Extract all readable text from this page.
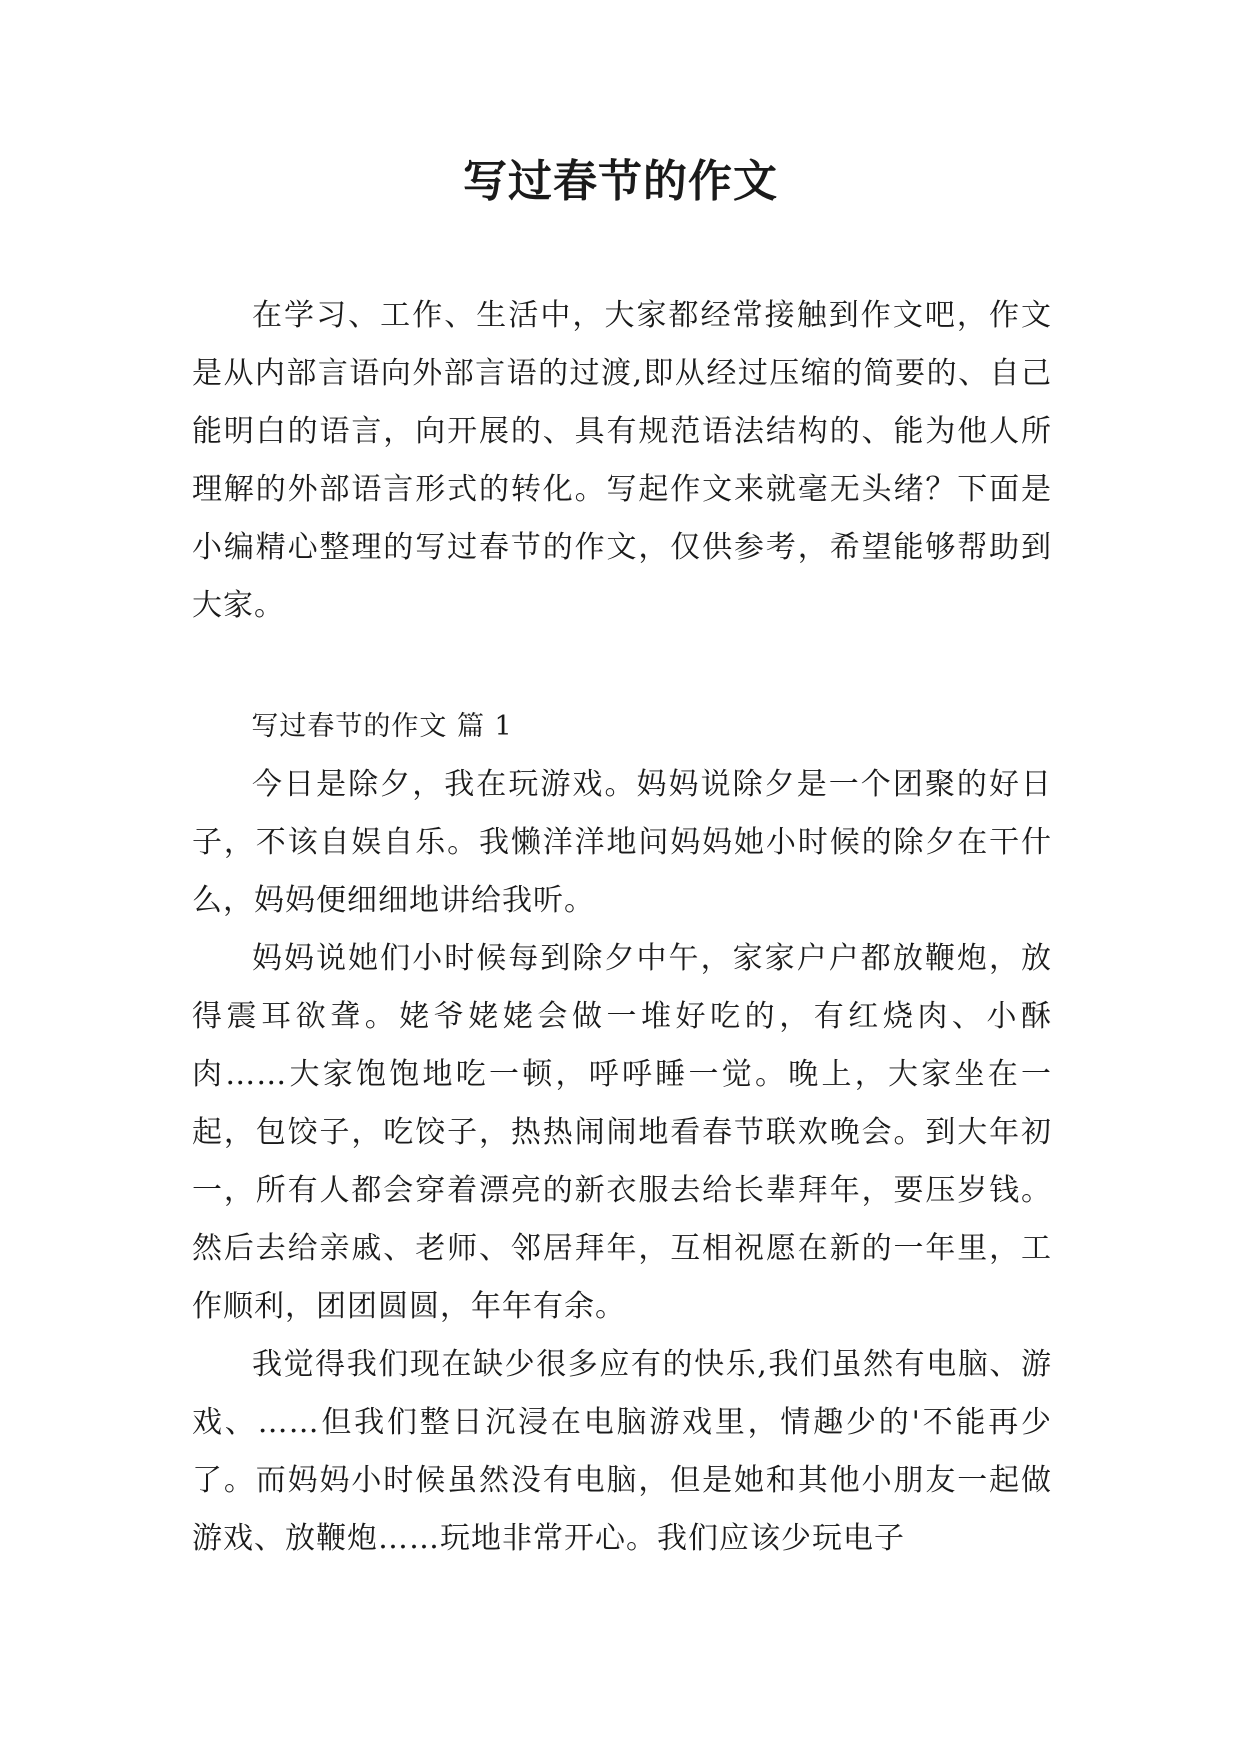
写过春节的作文

在学习、工作、生活中，大家都经常接触到作文吧，作文是从内部言语向外部言语的过渡,即从经过压缩的简要的、自己能明白的语言，向开展的、具有规范语法结构的、能为他人所理解的外部语言形式的转化。写起作文来就毫无头绪？下面是小编精心整理的写过春节的作文，仅供参考，希望能够帮助到大家。

写过春节的作文 篇 1

今日是除夕，我在玩游戏。妈妈说除夕是一个团聚的好日子，不该自娱自乐。我懒洋洋地问妈妈她小时候的除夕在干什么，妈妈便细细地讲给我听。

妈妈说她们小时候每到除夕中午，家家户户都放鞭炮，放得震耳欲聋。姥爷姥姥会做一堆好吃的，有红烧肉、小酥肉……大家饱饱地吃一顿，呼呼睡一觉。晚上，大家坐在一起，包饺子，吃饺子，热热闹闹地看春节联欢晚会。到大年初一，所有人都会穿着漂亮的新衣服去给长辈拜年，要压岁钱。然后去给亲戚、老师、邻居拜年，互相祝愿在新的一年里，工作顺利，团团圆圆，年年有余。

我觉得我们现在缺少很多应有的快乐,我们虽然有电脑、游戏、……但我们整日沉浸在电脑游戏里，情趣少的'不能再少了。而妈妈小时候虽然没有电脑，但是她和其他小朋友一起做游戏、放鞭炮……玩地非常开心。我们应该少玩电子
